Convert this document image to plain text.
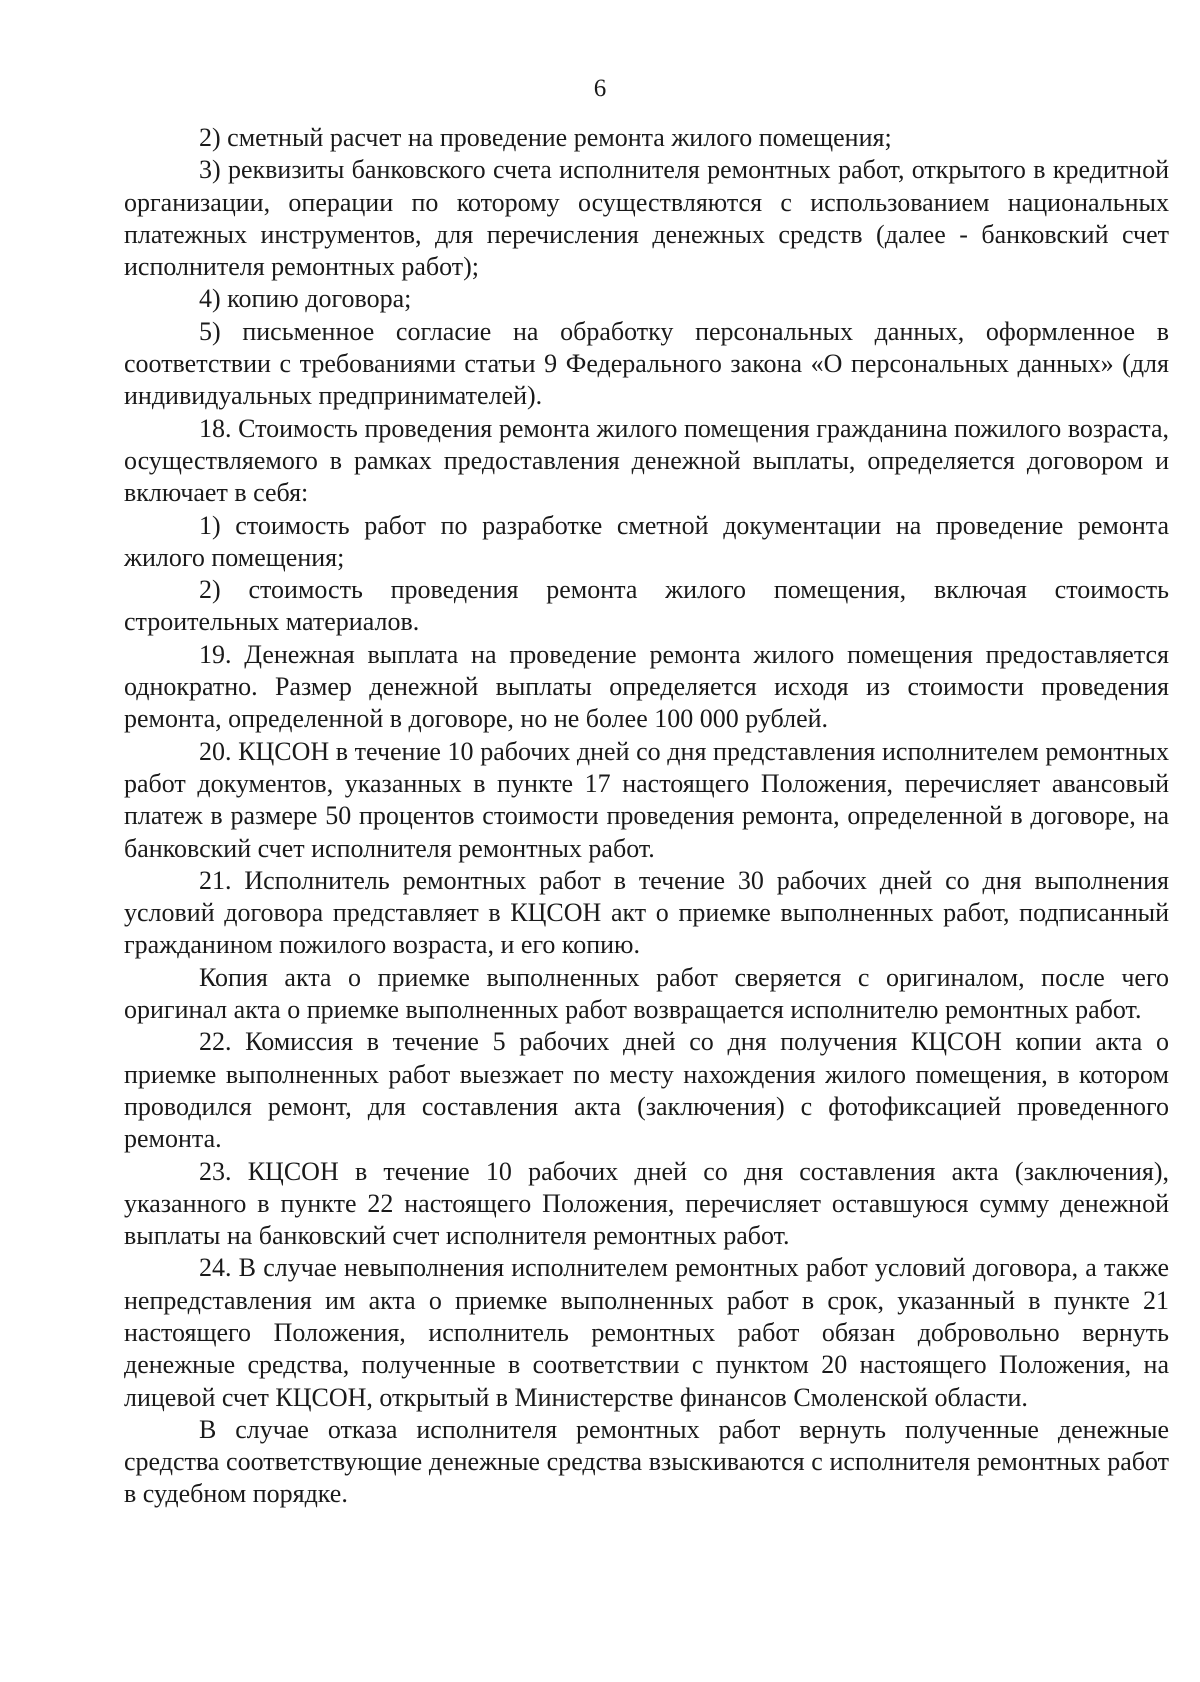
6

2) сметный расчет на проведение ремонта жилого помещения;

3) реквизиты банковского счета исполнителя ремонтных работ, открытого в кредитной организации, операции по которому осуществляются с использованием национальных платежных инструментов, для перечисления денежных средств (далее - банковский счет исполнителя ремонтных работ);

4) копию договора;

5) письменное согласие на обработку персональных данных, оформленное в соответствии с требованиями статьи 9 Федерального закона «О персональных данных» (для индивидуальных предпринимателей).

18. Стоимость проведения ремонта жилого помещения гражданина пожилого возраста, осуществляемого в рамках предоставления денежной выплаты, определяется договором и включает в себя:

1) стоимость работ по разработке сметной документации на проведение ремонта жилого помещения;

2) стоимость проведения ремонта жилого помещения, включая стоимость строительных материалов.

19. Денежная выплата на проведение ремонта жилого помещения предоставляется однократно. Размер денежной выплаты определяется исходя из стоимости проведения ремонта, определенной в договоре, но не более 100 000 рублей.

20. КЦСОН в течение 10 рабочих дней со дня представления исполнителем ремонтных работ документов, указанных в пункте 17 настоящего Положения, перечисляет авансовый платеж в размере 50 процентов стоимости проведения ремонта, определенной в договоре, на банковский счет исполнителя ремонтных работ.

21. Исполнитель ремонтных работ в течение 30 рабочих дней со дня выполнения условий договора представляет в КЦСОН акт о приемке выполненных работ, подписанный гражданином пожилого возраста, и его копию.

Копия акта о приемке выполненных работ сверяется с оригиналом, после чего оригинал акта о приемке выполненных работ возвращается исполнителю ремонтных работ.

22. Комиссия в течение 5 рабочих дней со дня получения КЦСОН копии акта о приемке выполненных работ выезжает по месту нахождения жилого помещения, в котором проводился ремонт, для составления акта (заключения) с фотофиксацией проведенного ремонта.

23. КЦСОН в течение 10 рабочих дней со дня составления акта (заключения), указанного в пункте 22 настоящего Положения, перечисляет оставшуюся сумму денежной выплаты на банковский счет исполнителя ремонтных работ.

24. В случае невыполнения исполнителем ремонтных работ условий договора, а также непредставления им акта о приемке выполненных работ в срок, указанный в пункте 21 настоящего Положения, исполнитель ремонтных работ обязан добровольно вернуть денежные средства, полученные в соответствии с пунктом 20 настоящего Положения, на лицевой счет КЦСОН, открытый в Министерстве финансов Смоленской области.

В случае отказа исполнителя ремонтных работ вернуть полученные денежные средства соответствующие денежные средства взыскиваются с исполнителя ремонтных работ в судебном порядке.
